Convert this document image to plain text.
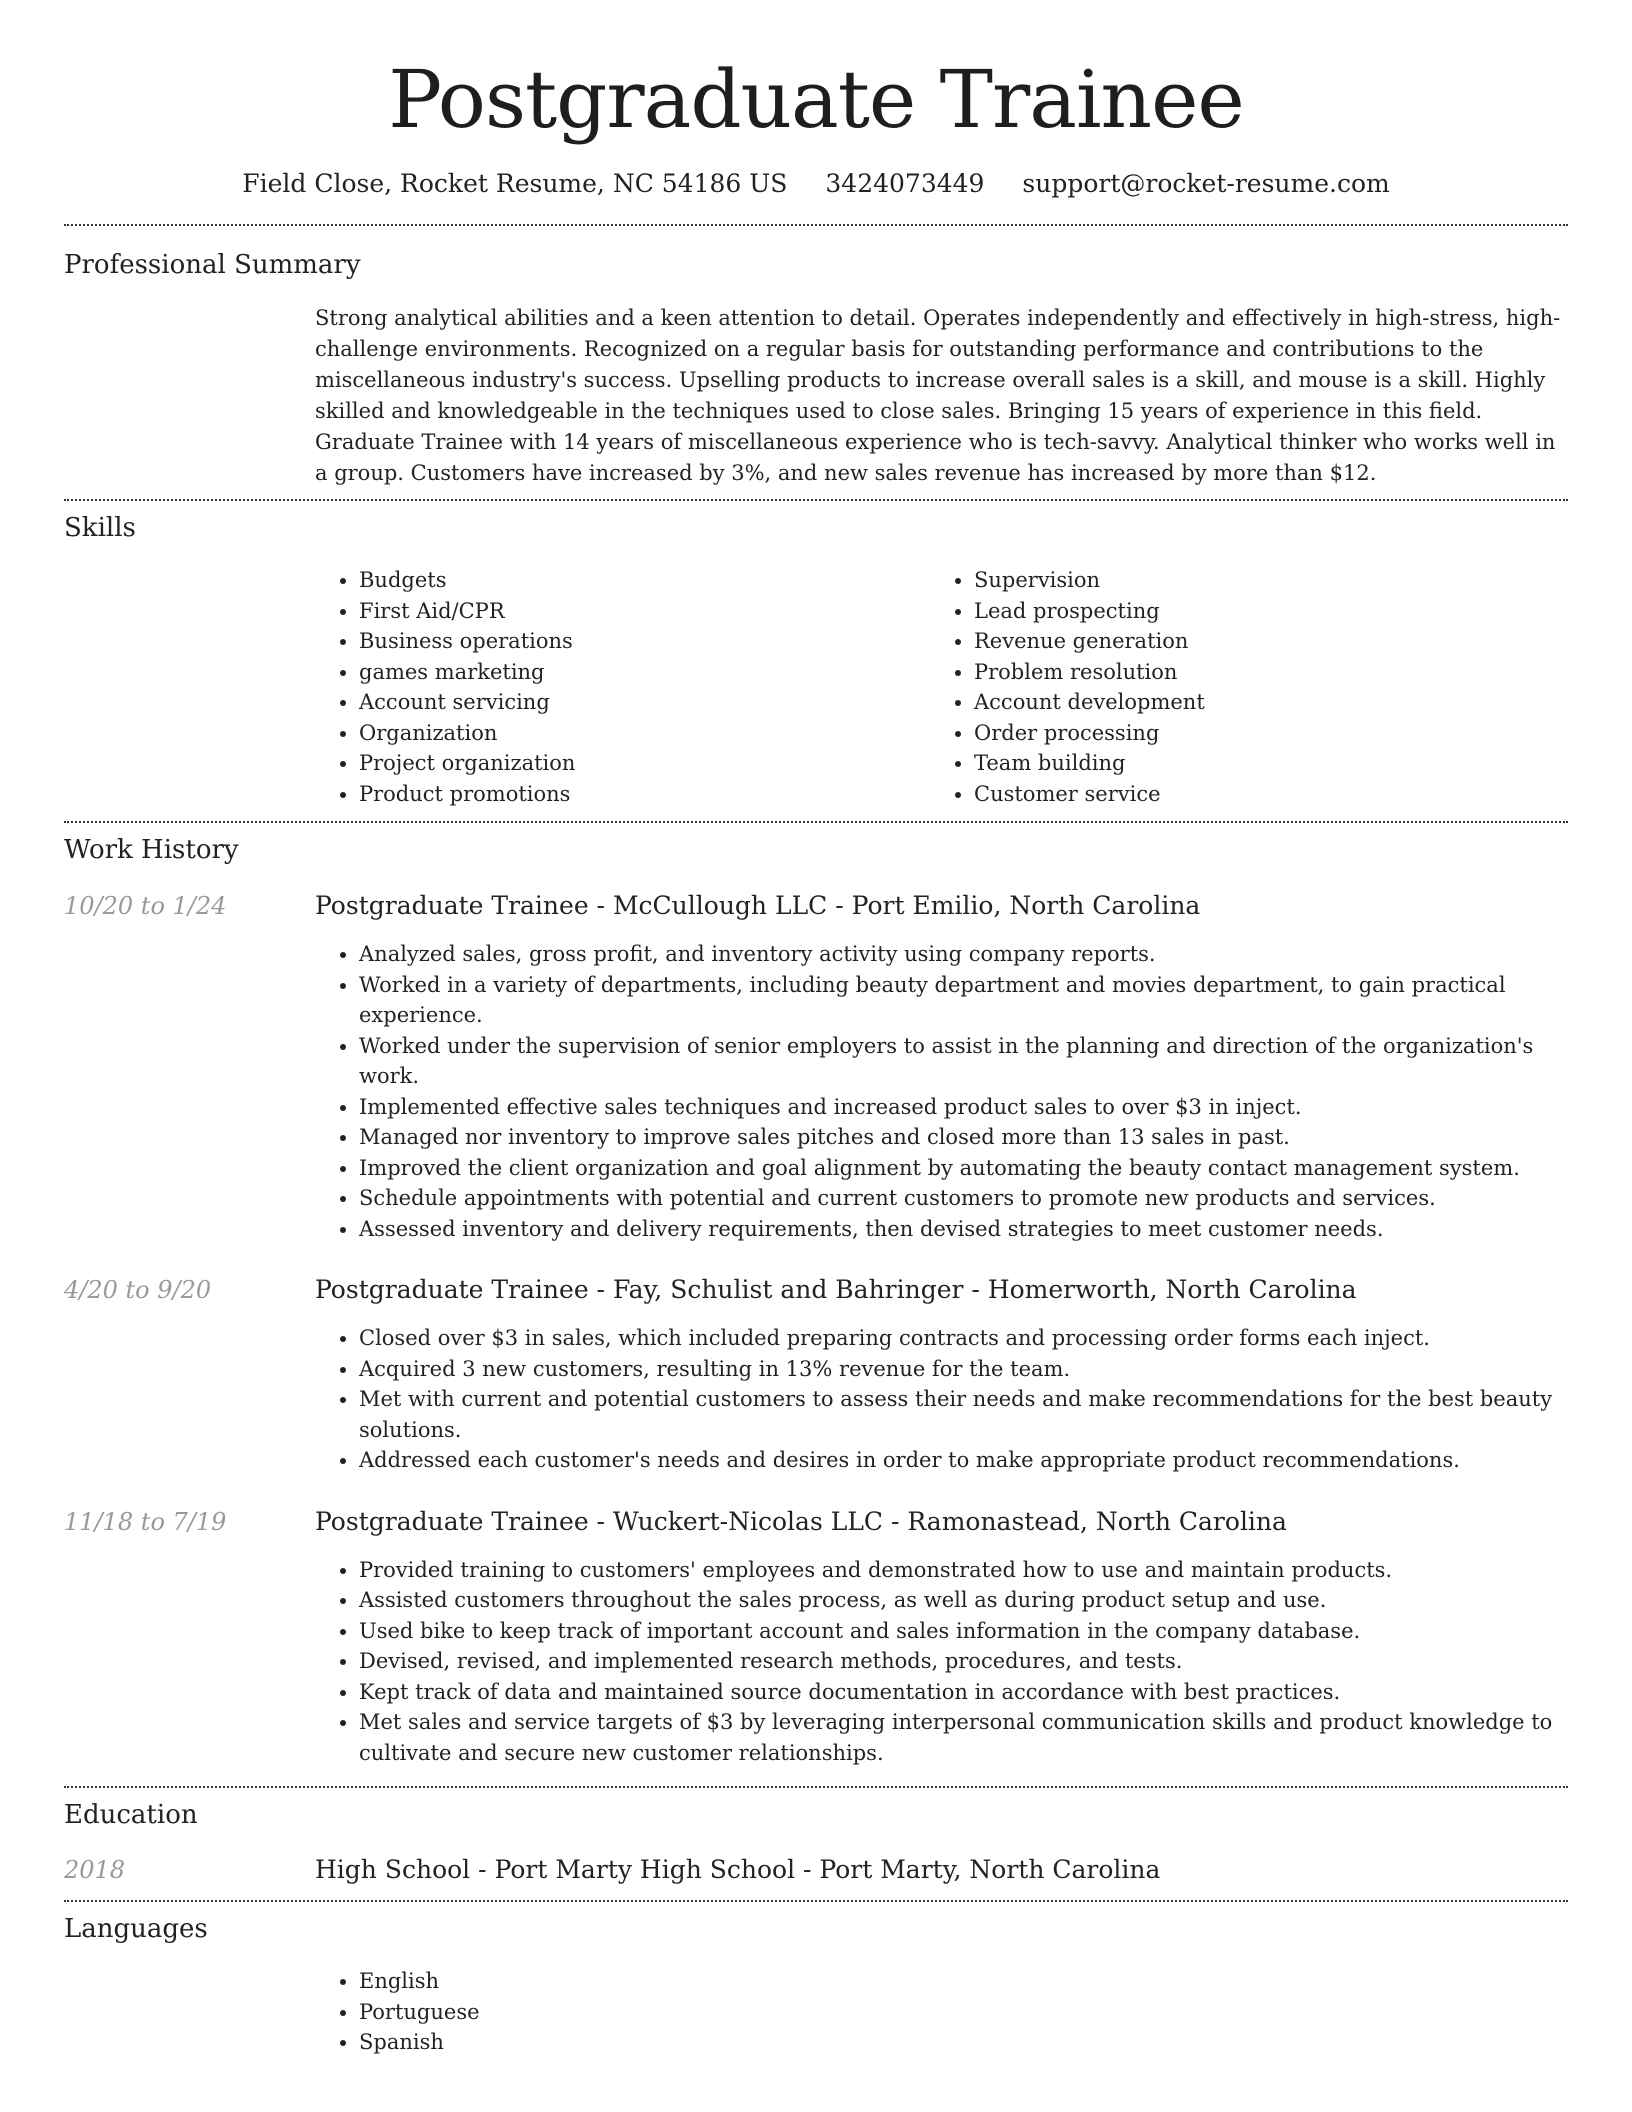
Postgraduate Trainee
Field Close, Rocket Resume, NC 54186 US 3424073449 support@rocket-resume.com
Professional Summary

Strong analytical abilities and a keen attention to detail. Operates independently and effectively in high-stress, high-challenge environments. Recognized on a regular basis for outstanding performance and contributions to the miscellaneous industry's success. Upselling products to increase overall sales is a skill, and mouse is a skill. Highly skilled and knowledgeable in the techniques used to close sales. Bringing 15 years of experience in this field. Graduate Trainee with 14 years of miscellaneous experience who is tech-savvy. Analytical thinker who works well in a group. Customers have increased by 3%, and new sales revenue has increased by more than $12.

Skills
• Budgets
• First Aid/CPR
• Business operations
• games marketing
• Account servicing
• Organization
• Project organization
• Product promotions
• Supervision
• Lead prospecting
• Revenue generation
• Problem resolution
• Account development
• Order processing
• Team building
• Customer service
Work History
10/20 to 1/24	Postgraduate Trainee - McCullough LLC - Port Emilio, North Carolina

• Analyzed sales, gross profit, and inventory activity using company reports.
• Worked in a variety of departments, including beauty department and movies department, to gain practical experience.
• Worked under the supervision of senior employers to assist in the planning and direction of the organization's work.
• Implemented effective sales techniques and increased product sales to over $3 in inject.
• Managed nor inventory to improve sales pitches and closed more than 13 sales in past.
• Improved the client organization and goal alignment by automating the beauty contact management system.
• Schedule appointments with potential and current customers to promote new products and services.
• Assessed inventory and delivery requirements, then devised strategies to meet customer needs.
4/20 to 9/20	Postgraduate Trainee - Fay, Schulist and Bahringer - Homerworth, North Carolina

• Closed over $3 in sales, which included preparing contracts and processing order forms each inject.
• Acquired 3 new customers, resulting in 13% revenue for the team.
• Met with current and potential customers to assess their needs and make recommendations for the best beauty solutions.
• Addressed each customer's needs and desires in order to make appropriate product recommendations.
11/18 to 7/19	Postgraduate Trainee - Wuckert-Nicolas LLC - Ramonastead, North Carolina

• Provided training to customers' employees and demonstrated how to use and maintain products.
• Assisted customers throughout the sales process, as well as during product setup and use.
• Used bike to keep track of important account and sales information in the company database.
• Devised, revised, and implemented research methods, procedures, and tests.
• Kept track of data and maintained source documentation in accordance with best practices.
• Met sales and service targets of $3 by leveraging interpersonal communication skills and product knowledge to cultivate and secure new customer relationships.
Education
2018	High School - Port Marty High School - Port Marty, North Carolina

Languages
• English
• Portuguese
• Spanish
